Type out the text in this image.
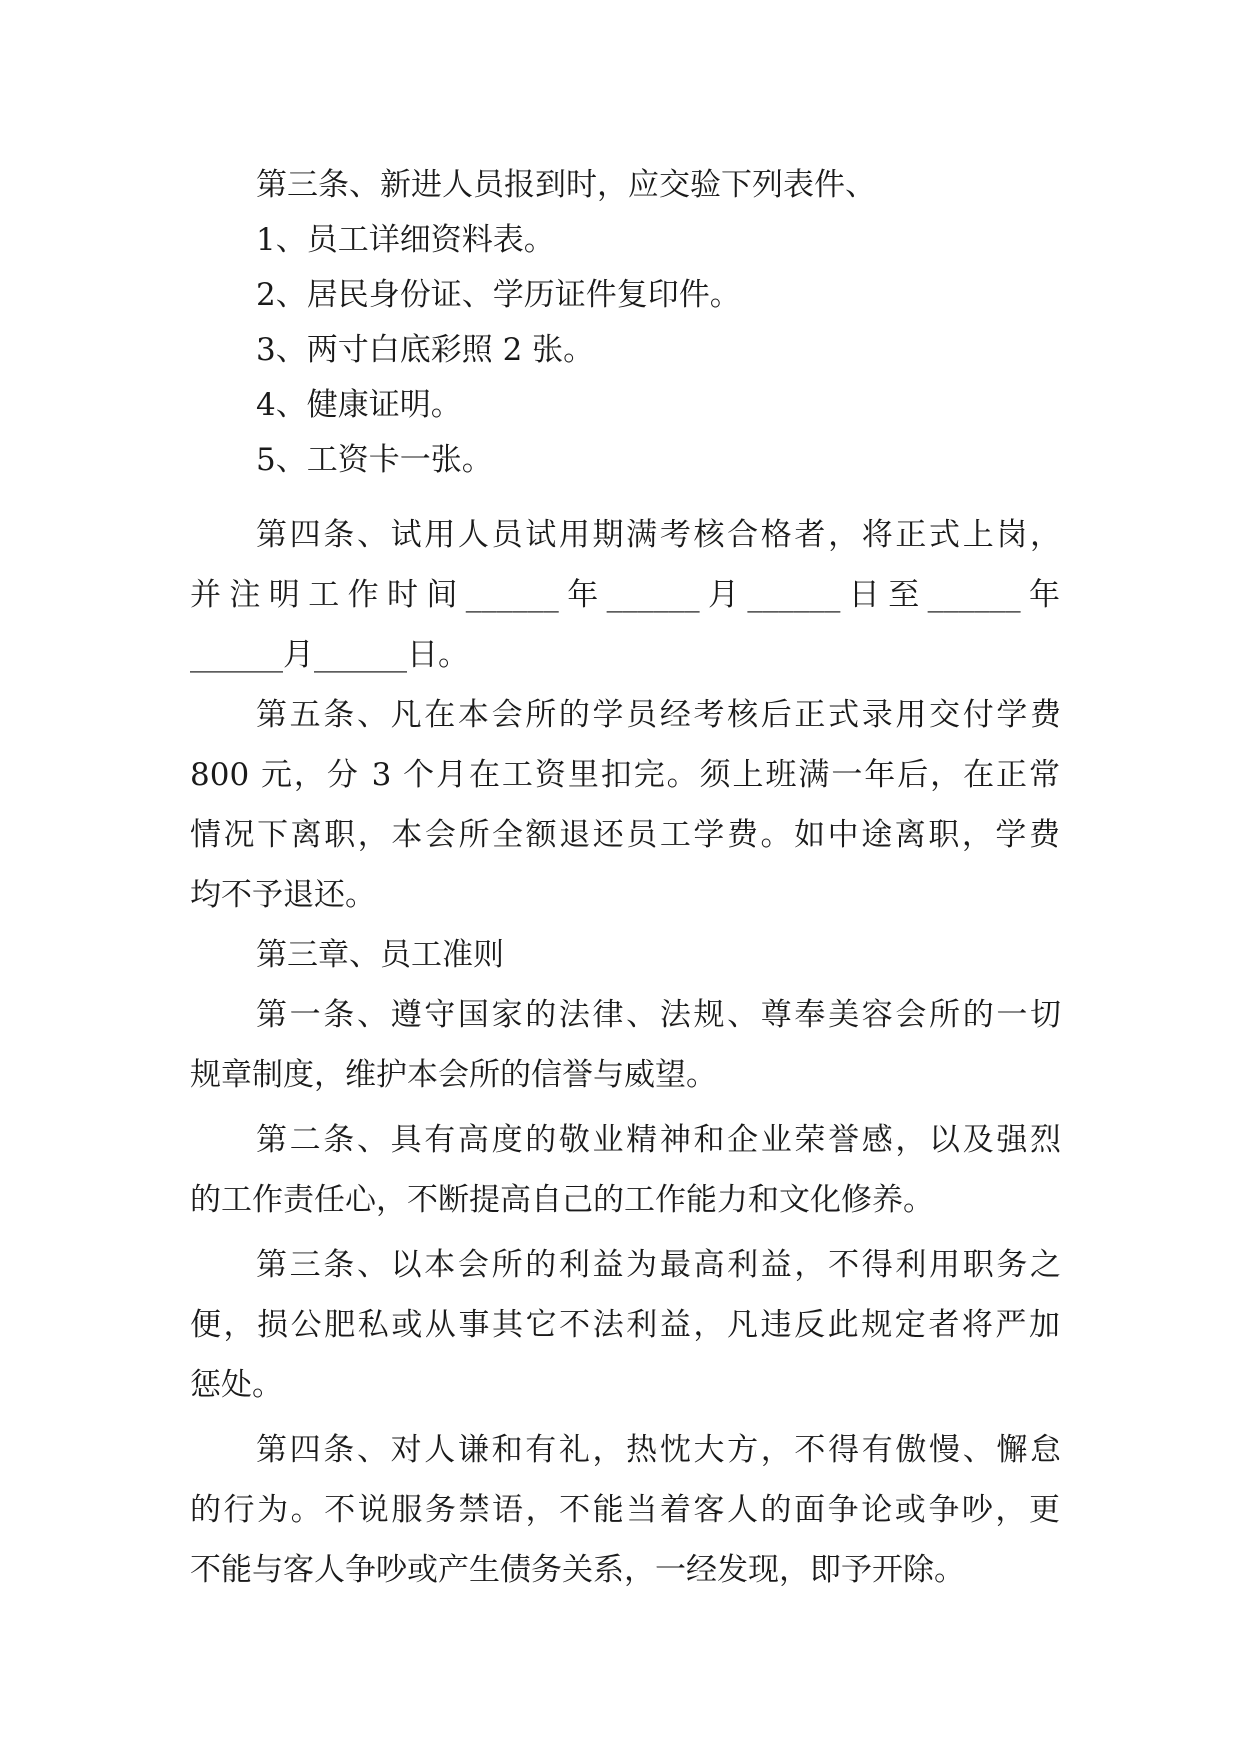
第三条、新进人员报到时，应交验下列表件、

1、员工详细资料表。

2、居民身份证、学历证件复印件。

3、两寸白底彩照 2 张。

4、健康证明。

5、工资卡一张。

第四条、试用人员试用期满考核合格者，将正式上岗，

并注明工作时间______年______月______日至______年

______月______日。

第五条、凡在本会所的学员经考核后正式录用交付学费

800 元，分 3 个月在工资里扣完。须上班满一年后，在正常

情况下离职，本会所全额退还员工学费。如中途离职，学费

均不予退还。

第三章、员工准则

第一条、遵守国家的法律、法规、尊奉美容会所的一切

规章制度，维护本会所的信誉与威望。

第二条、具有高度的敬业精神和企业荣誉感，以及强烈

的工作责任心，不断提高自己的工作能力和文化修养。

第三条、以本会所的利益为最高利益，不得利用职务之

便，损公肥私或从事其它不法利益，凡违反此规定者将严加

惩处。

第四条、对人谦和有礼，热忱大方，不得有傲慢、懈怠

的行为。不说服务禁语，不能当着客人的面争论或争吵，更

不能与客人争吵或产生债务关系，一经发现，即予开除。
